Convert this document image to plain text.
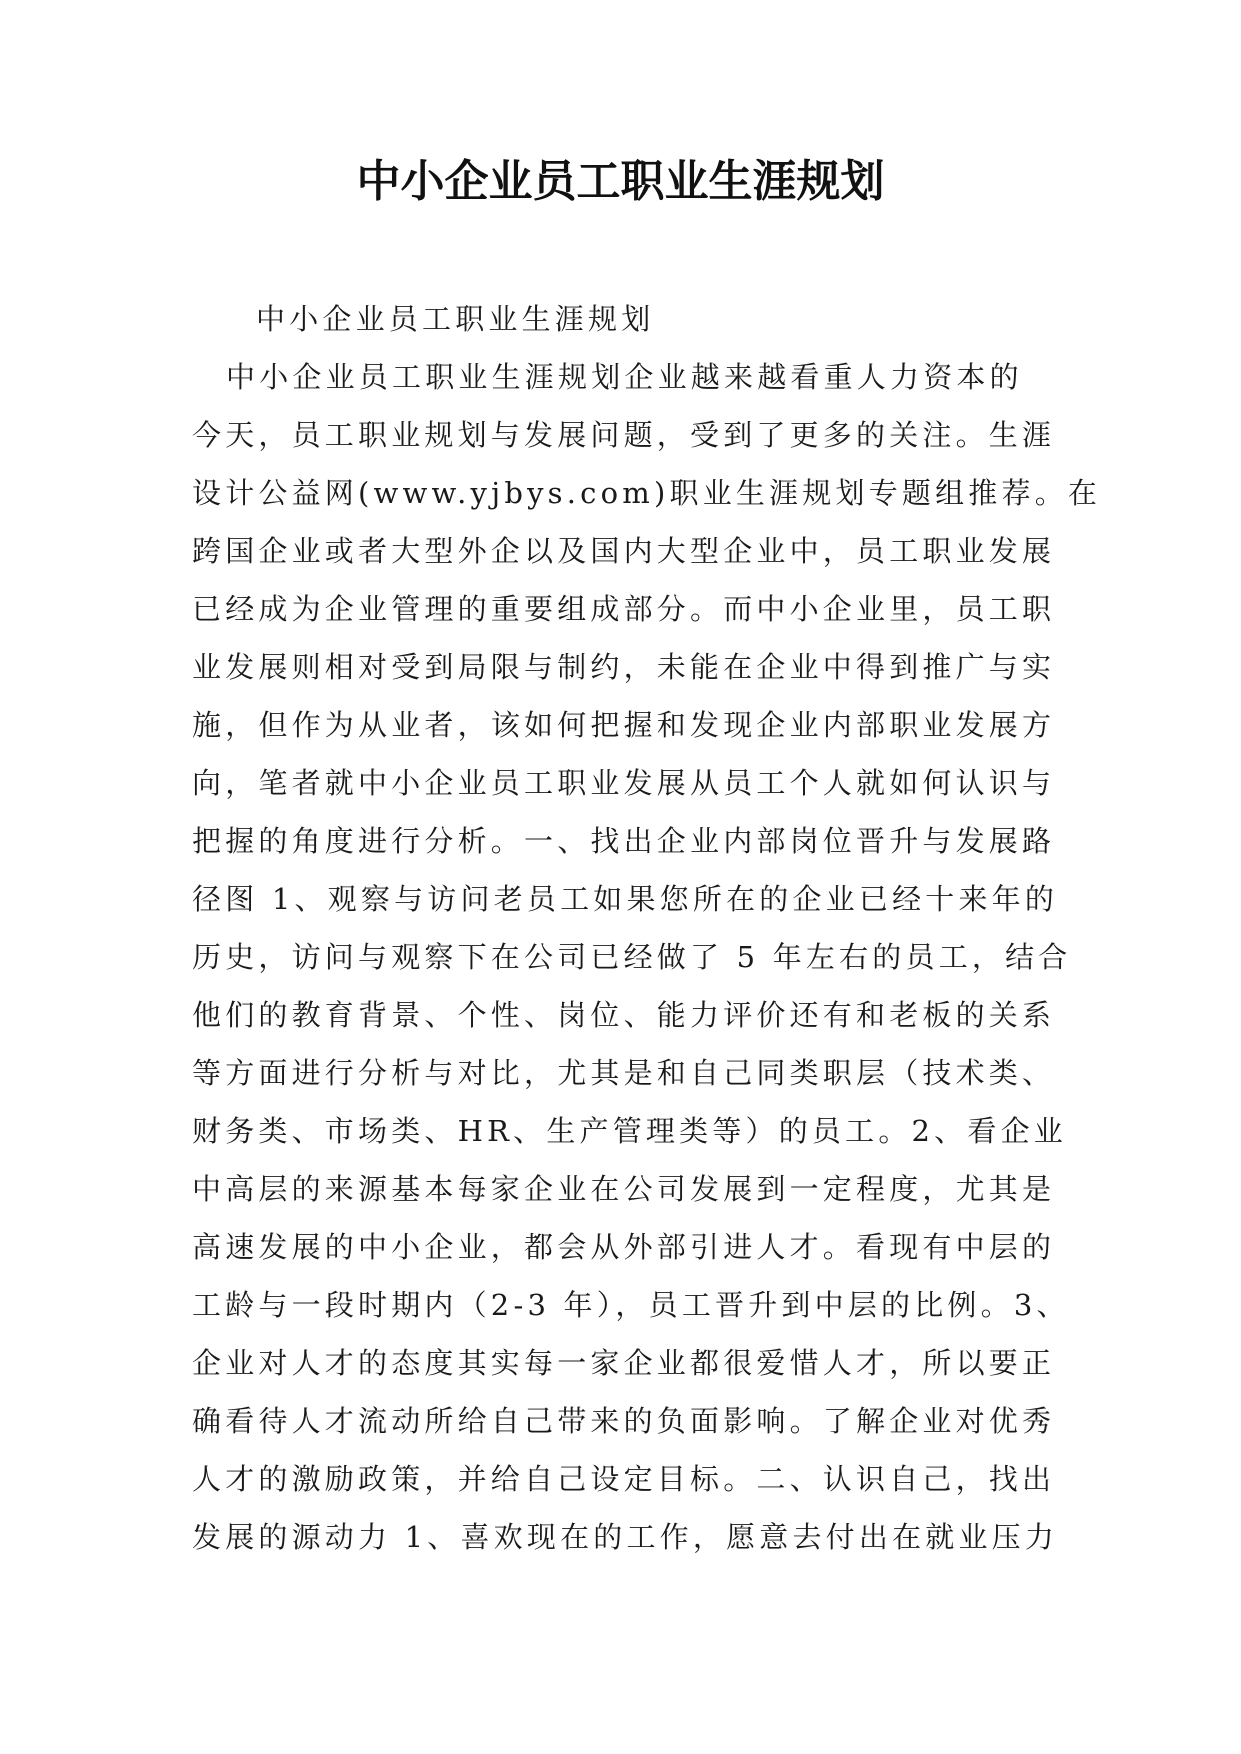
中小企业员工职业生涯规划
中小企业员工职业生涯规划
中小企业员工职业生涯规划企业越来越看重人力资本的
今天，员工职业规划与发展问题，受到了更多的关注。生涯
设计公益网(www.yjbys.com)职业生涯规划专题组推荐。在
跨国企业或者大型外企以及国内大型企业中，员工职业发展
已经成为企业管理的重要组成部分。而中小企业里，员工职
业发展则相对受到局限与制约，未能在企业中得到推广与实
施，但作为从业者，该如何把握和发现企业内部职业发展方
向，笔者就中小企业员工职业发展从员工个人就如何认识与
把握的角度进行分析。一、找出企业内部岗位晋升与发展路
径图 1、观察与访问老员工如果您所在的企业已经十来年的
历史，访问与观察下在公司已经做了 5 年左右的员工，结合
他们的教育背景、个性、岗位、能力评价还有和老板的关系
等方面进行分析与对比，尤其是和自己同类职层（技术类、
财务类、市场类、HR、生产管理类等）的员工。2、看企业
中高层的来源基本每家企业在公司发展到一定程度，尤其是
高速发展的中小企业，都会从外部引进人才。看现有中层的
工龄与一段时期内（2-3 年），员工晋升到中层的比例。3、
企业对人才的态度其实每一家企业都很爱惜人才，所以要正
确看待人才流动所给自己带来的负面影响。了解企业对优秀
人才的激励政策，并给自己设定目标。二、认识自己，找出
发展的源动力 1、喜欢现在的工作，愿意去付出在就业压力
